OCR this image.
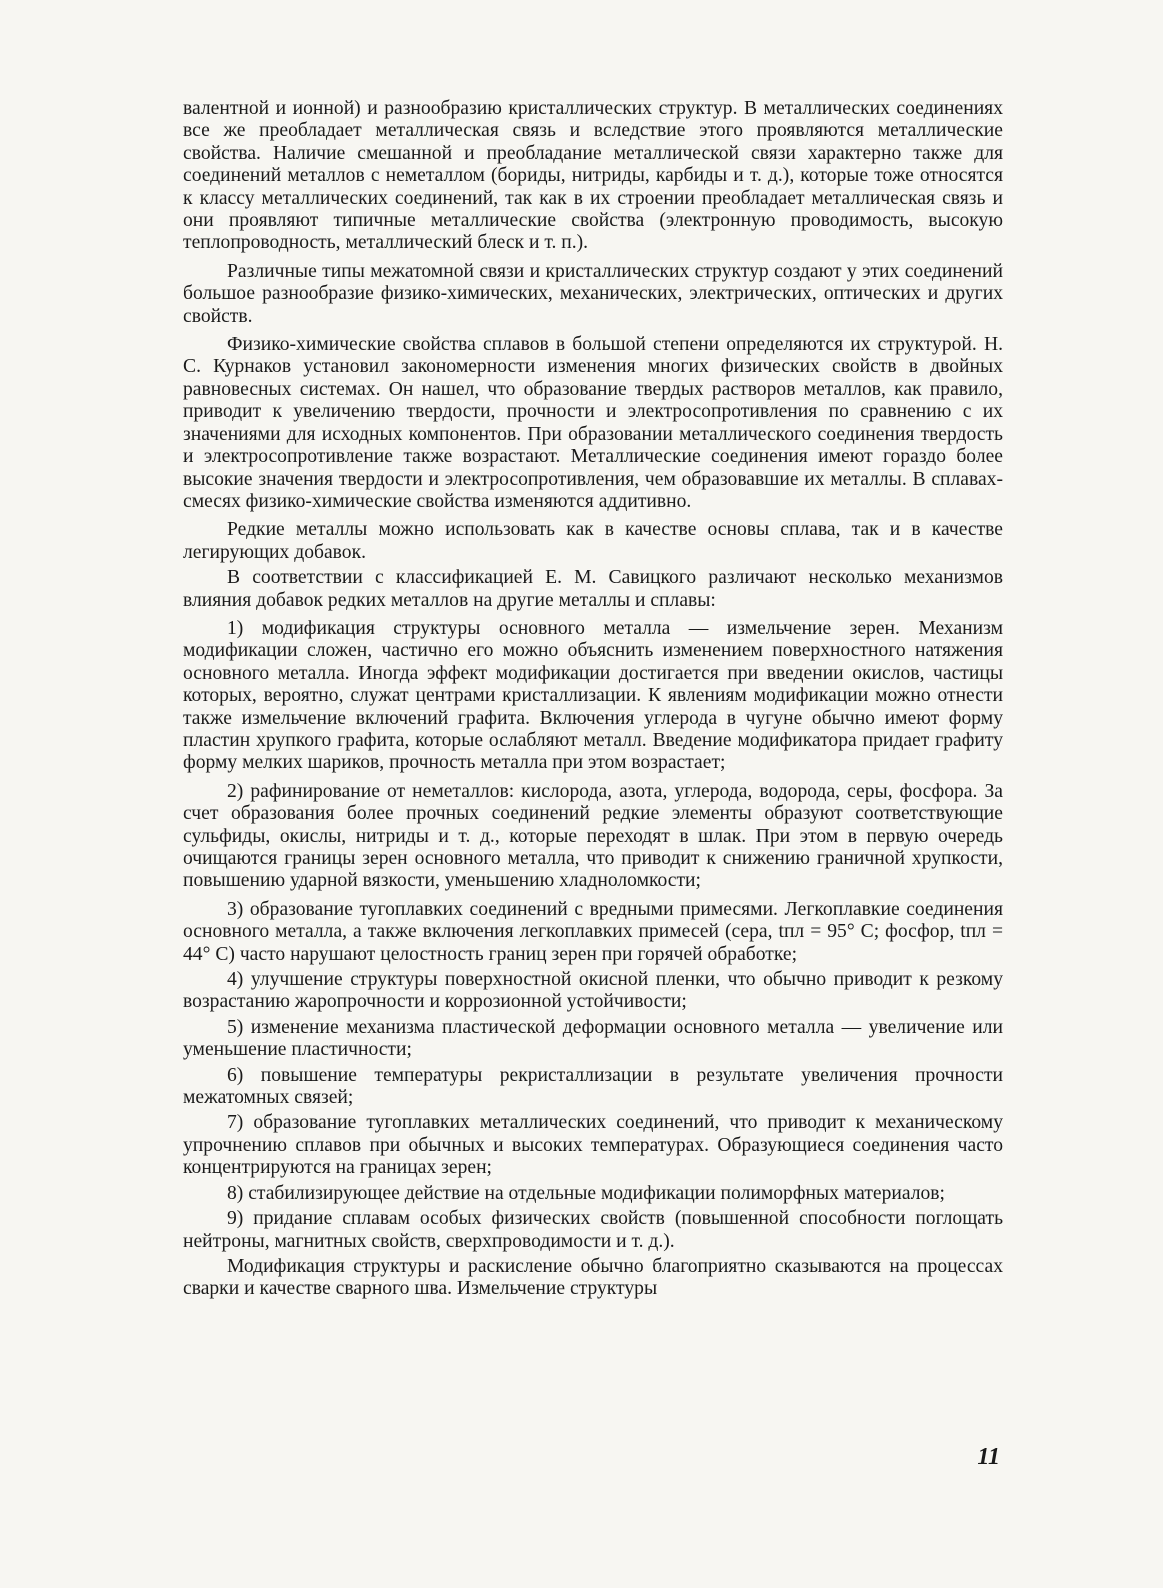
валентной и ионной) и разнообразию кристаллических структур. В металлических соединениях все же преобладает металлическая связь и вследствие этого проявляются металлические свойства. Наличие смешанной и преобладание металлической связи характерно также для соединений металлов с неметаллом (бориды, нитриды, карбиды и т. д.), которые тоже относятся к классу металлических соединений, так как в их строении преобладает металлическая связь и они проявляют типичные металлические свойства (электронную проводимость, высокую теплопроводность, металлический блеск и т. п.).

Различные типы межатомной связи и кристаллических структур создают у этих соединений большое разнообразие физико-химических, механических, электрических, оптических и других свойств.

Физико-химические свойства сплавов в большой степени определяются их структурой. Н. С. Курнаков установил закономерности изменения многих физических свойств в двойных равновесных системах. Он нашел, что образование твердых растворов металлов, как правило, приводит к увеличению твердости, прочности и электросопротивления по сравнению с их значениями для исходных компонентов. При образовании металлического соединения твердость и электросопротивление также возрастают. Металлические соединения имеют гораздо более высокие значения твердости и электросопротивления, чем образовавшие их металлы. В сплавах-смесях физико-химические свойства изменяются аддитивно.

Редкие металлы можно использовать как в качестве основы сплава, так и в качестве легирующих добавок.

В соответствии с классификацией Е. М. Савицкого различают несколько механизмов влияния добавок редких металлов на другие металлы и сплавы:

1) модификация структуры основного металла — измельчение зерен. Механизм модификации сложен, частично его можно объяснить изменением поверхностного натяжения основного металла. Иногда эффект модификации достигается при введении окислов, частицы которых, вероятно, служат центрами кристаллизации. К явлениям модификации можно отнести также измельчение включений графита. Включения углерода в чугуне обычно имеют форму пластин хрупкого графита, которые ослабляют металл. Введение модификатора придает графиту форму мелких шариков, прочность металла при этом возрастает;

2) рафинирование от неметаллов: кислорода, азота, углерода, водорода, серы, фосфора. За счет образования более прочных соединений редкие элементы образуют соответствующие сульфиды, окислы, нитриды и т. д., которые переходят в шлак. При этом в первую очередь очищаются границы зерен основного металла, что приводит к снижению граничной хрупкости, повышению ударной вязкости, уменьшению хладноломкости;

3) образование тугоплавких соединений с вредными примесями. Легкоплавкие соединения основного металла, а также включения легкоплавких примесей (сера, tпл = 95° С; фосфор, tпл = 44° С) часто нарушают целостность границ зерен при горячей обработке;

4) улучшение структуры поверхностной окисной пленки, что обычно приводит к резкому возрастанию жаропрочности и коррозионной устойчивости;

5) изменение механизма пластической деформации основного металла — увеличение или уменьшение пластичности;

6) повышение температуры рекристаллизации в результате увеличения прочности межатомных связей;

7) образование тугоплавких металлических соединений, что приводит к механическому упрочнению сплавов при обычных и высоких температурах. Образующиеся соединения часто концентрируются на границах зерен;

8) стабилизирующее действие на отдельные модификации полиморфных материалов;

9) придание сплавам особых физических свойств (повышенной способности поглощать нейтроны, магнитных свойств, сверхпроводимости и т. д.).

Модификация структуры и раскисление обычно благоприятно сказываются на процессах сварки и качестве сварного шва. Измельчение структуры

11
